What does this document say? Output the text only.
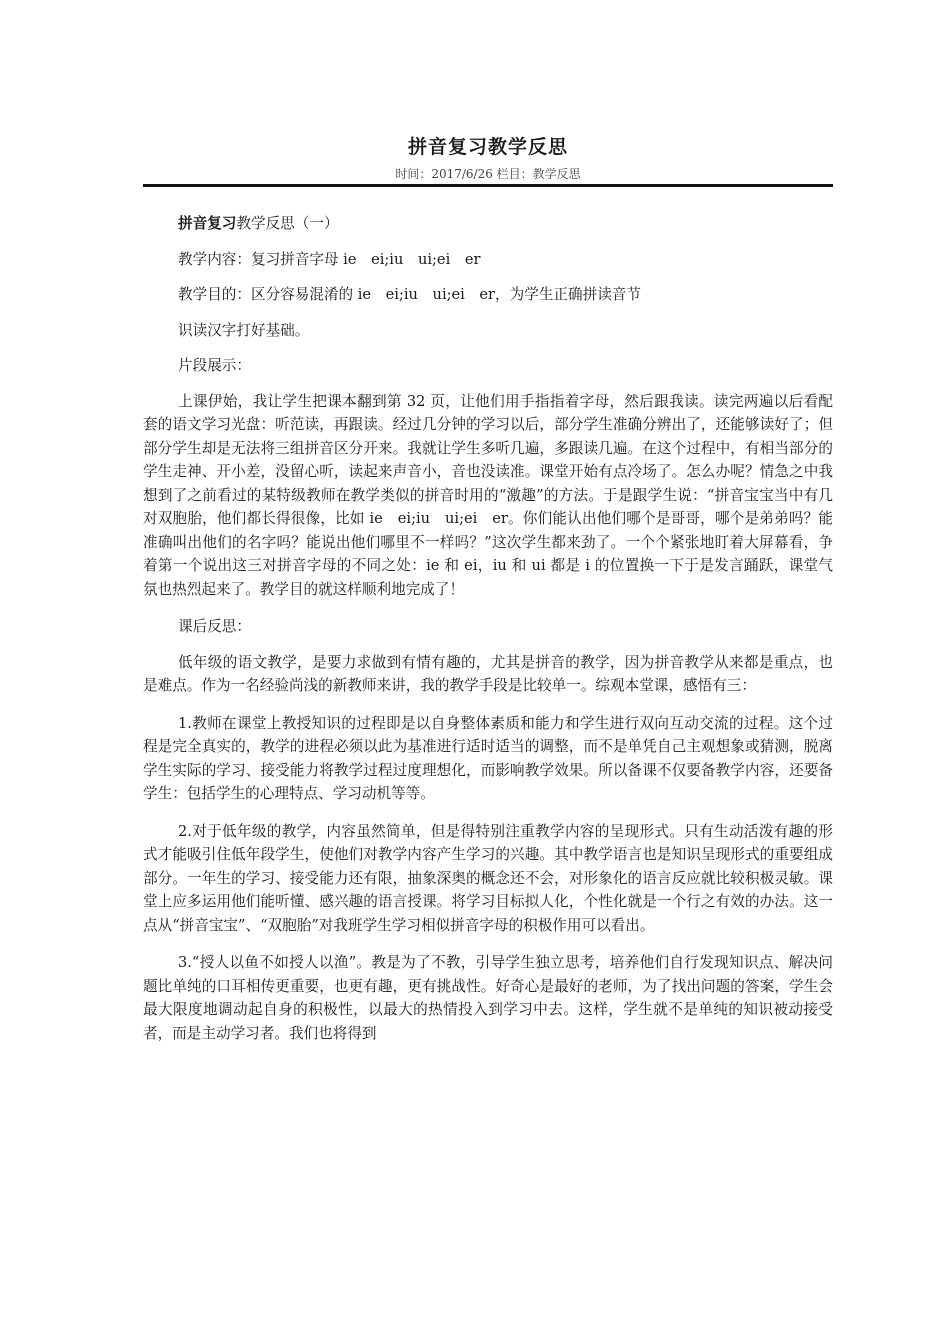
拼音复习教学反思
时间：2017/6/26 栏目：教学反思

拼音复习教学反思（一）

教学内容：复习拼音字母 ie　ei;iu　ui;ei　er

教学目的：区分容易混淆的 ie　ei;iu　ui;ei　er，为学生正确拼读音节

识读汉字打好基础。

片段展示：

上课伊始，我让学生把课本翻到第 32 页，让他们用手指指着字母，然后跟我读。读完两遍以后看配套的语文学习光盘：听范读，再跟读。经过几分钟的学习以后，部分学生准确分辨出了，还能够读好了；但部分学生却是无法将三组拼音区分开来。我就让学生多听几遍，多跟读几遍。在这个过程中，有相当部分的学生走神、开小差，没留心听，读起来声音小，音也没读准。课堂开始有点冷场了。怎么办呢？情急之中我想到了之前看过的某特级教师在教学类似的拼音时用的“激趣”的方法。于是跟学生说：“拼音宝宝当中有几对双胞胎，他们都长得很像，比如 ie　ei;iu　ui;ei　er。你们能认出他们哪个是哥哥，哪个是弟弟吗？能准确叫出他们的名字吗？能说出他们哪里不一样吗？”这次学生都来劲了。一个个紧张地盯着大屏幕看，争着第一个说出这三对拼音字母的不同之处：ie 和 ei，iu 和 ui 都是 i 的位置换一下于是发言踊跃，课堂气氛也热烈起来了。教学目的就这样顺利地完成了！

课后反思：

低年级的语文教学，是要力求做到有情有趣的，尤其是拼音的教学，因为拼音教学从来都是重点，也是难点。作为一名经验尚浅的新教师来讲，我的教学手段是比较单一。综观本堂课，感悟有三：

1.教师在课堂上教授知识的过程即是以自身整体素质和能力和学生进行双向互动交流的过程。这个过程是完全真实的，教学的进程必须以此为基准进行适时适当的调整，而不是单凭自己主观想象或猜测，脱离学生实际的学习、接受能力将教学过程过度理想化，而影响教学效果。所以备课不仅要备教学内容，还要备学生：包括学生的心理特点、学习动机等等。

2.对于低年级的教学，内容虽然简单，但是得特别注重教学内容的呈现形式。只有生动活泼有趣的形式才能吸引住低年段学生，使他们对教学内容产生学习的兴趣。其中教学语言也是知识呈现形式的重要组成部分。一年生的学习、接受能力还有限，抽象深奥的概念还不会，对形象化的语言反应就比较积极灵敏。课堂上应多运用他们能听懂、感兴趣的语言授课。将学习目标拟人化，个性化就是一个行之有效的办法。这一点从“拼音宝宝”、“双胞胎”对我班学生学习相似拼音字母的积极作用可以看出。

3.“授人以鱼不如授人以渔”。教是为了不教，引导学生独立思考，培养他们自行发现知识点、解决问题比单纯的口耳相传更重要，也更有趣，更有挑战性。好奇心是最好的老师，为了找出问题的答案，学生会最大限度地调动起自身的积极性，以最大的热情投入到学习中去。这样，学生就不是单纯的知识被动接受者，而是主动学习者。我们也将得到
